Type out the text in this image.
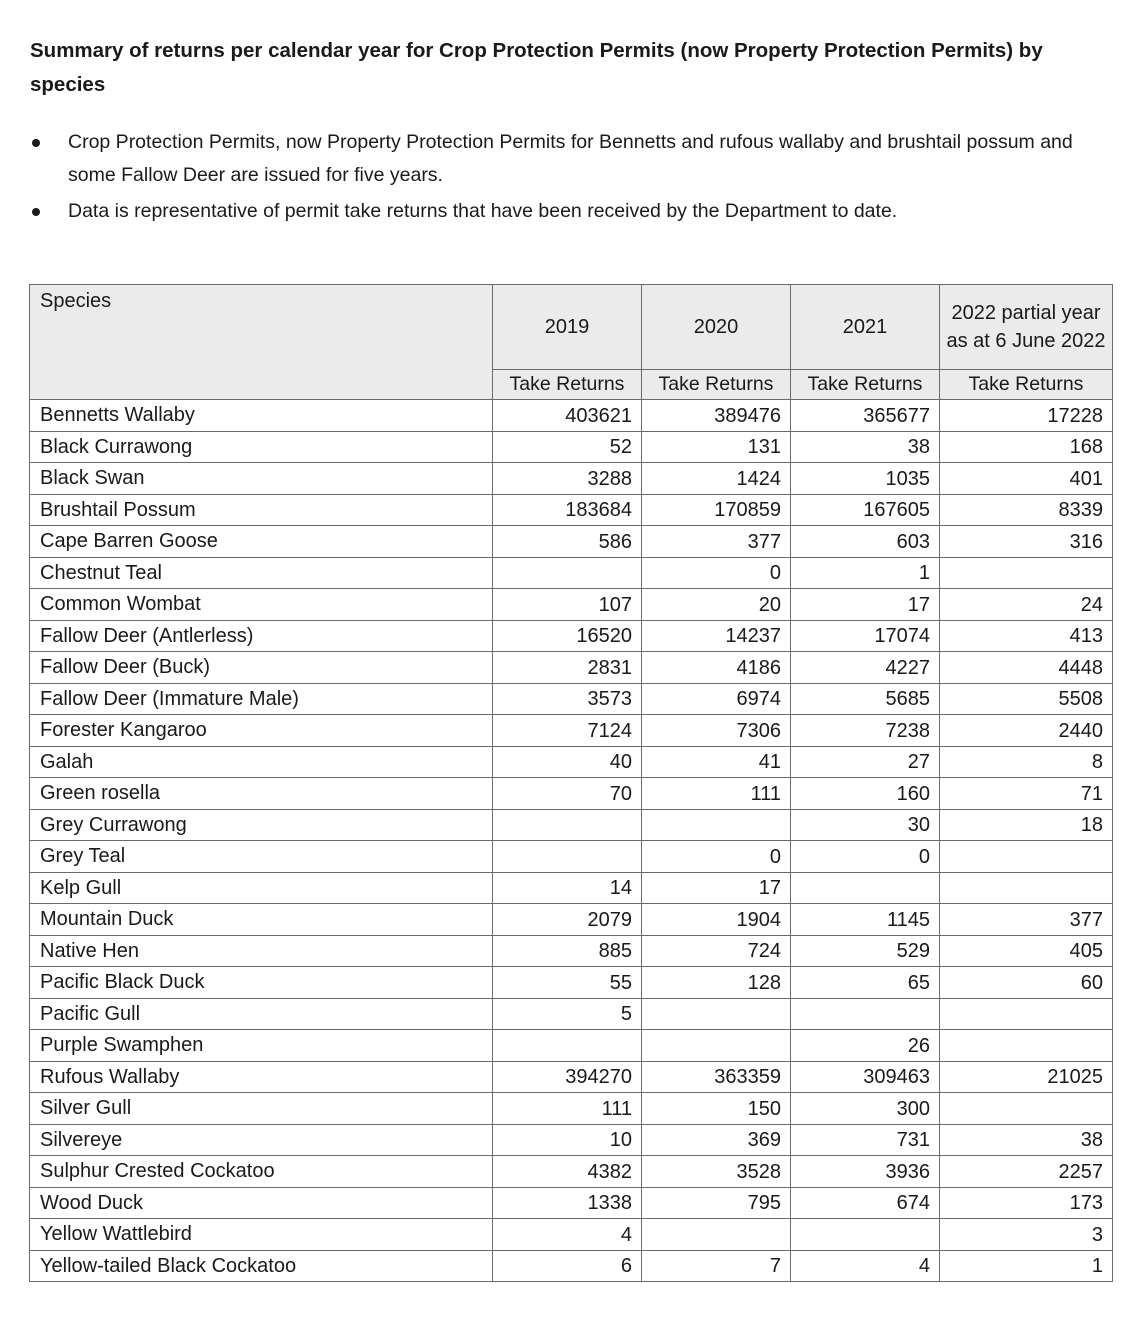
Summary of returns per calendar year for Crop Protection Permits (now Property Protection Permits) by species
Crop Protection Permits, now Property Protection Permits for Bennetts and rufous wallaby and brushtail possum and some Fallow Deer are issued for five years.
Data is representative of permit take returns that have been received by the Department to date.
Species	2019	2020	2021	2022 partial year as at 6 June 2022
	Take Returns	Take Returns	Take Returns	Take Returns
Bennetts Wallaby	403621	389476	365677	17228
Black Currawong	52	131	38	168
Black Swan	3288	1424	1035	401
Brushtail Possum	183684	170859	167605	8339
Cape Barren Goose	586	377	603	316
Chestnut Teal		0	1	
Common Wombat	107	20	17	24
Fallow Deer (Antlerless)	16520	14237	17074	413
Fallow Deer (Buck)	2831	4186	4227	4448
Fallow Deer (Immature Male)	3573	6974	5685	5508
Forester Kangaroo	7124	7306	7238	2440
Galah	40	41	27	8
Green rosella	70	111	160	71
Grey Currawong			30	18
Grey Teal		0	0	
Kelp Gull	14	17		
Mountain Duck	2079	1904	1145	377
Native Hen	885	724	529	405
Pacific Black Duck	55	128	65	60
Pacific Gull	5			
Purple Swamphen			26	
Rufous Wallaby	394270	363359	309463	21025
Silver Gull	111	150	300	
Silvereye	10	369	731	38
Sulphur Crested Cockatoo	4382	3528	3936	2257
Wood Duck	1338	795	674	173
Yellow Wattlebird	4			3
Yellow-tailed Black Cockatoo	6	7	4	1
